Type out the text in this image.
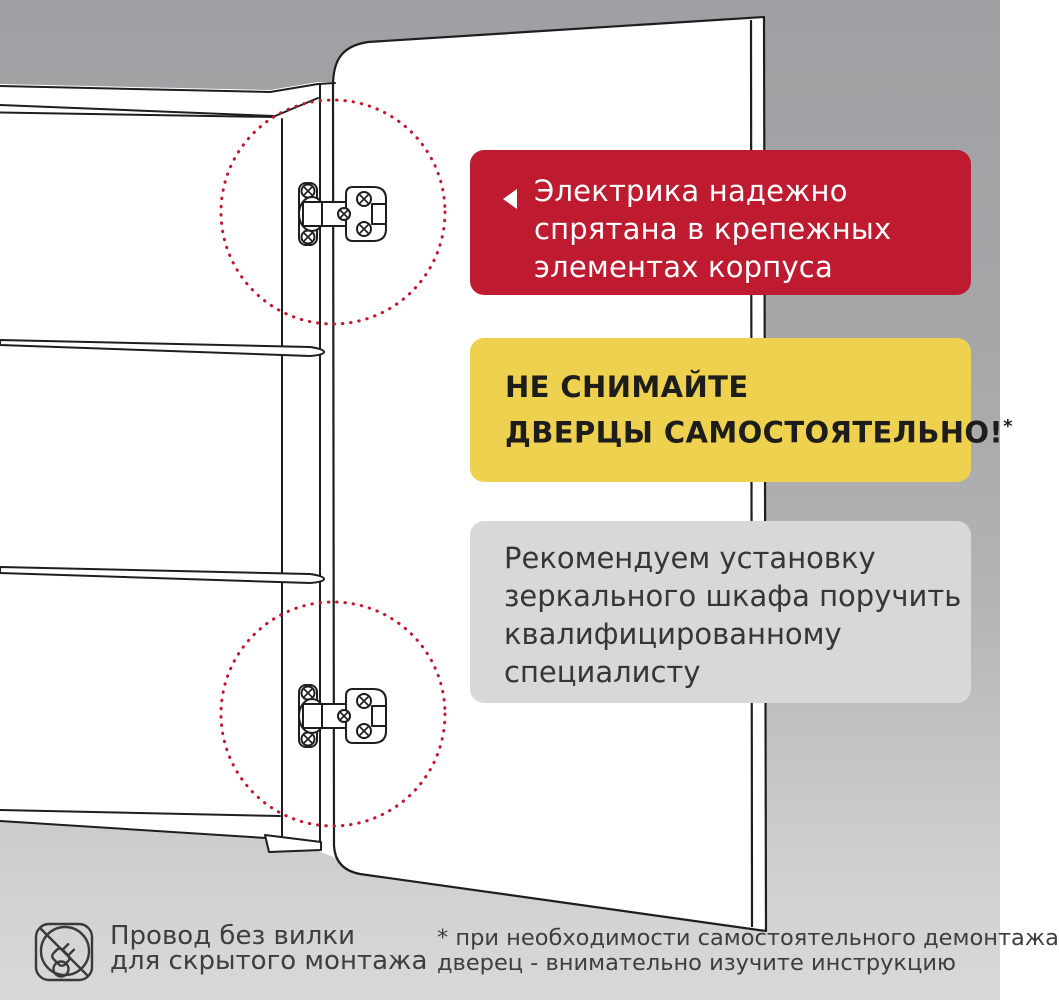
Электрика надежно
спрятана в крепежных
элементах корпуса
НЕ СНИМАЙТЕ
ДВЕРЦЫ САМОСТОЯТЕЛЬНО!*
Рекомендуем установку
зеркального шкафа поручить
квалифицированному
специалисту
Провод без вилки
для скрытого монтажа
* при необходимости самостоятельного демонтажа
дверец - внимательно изучите инструкцию
